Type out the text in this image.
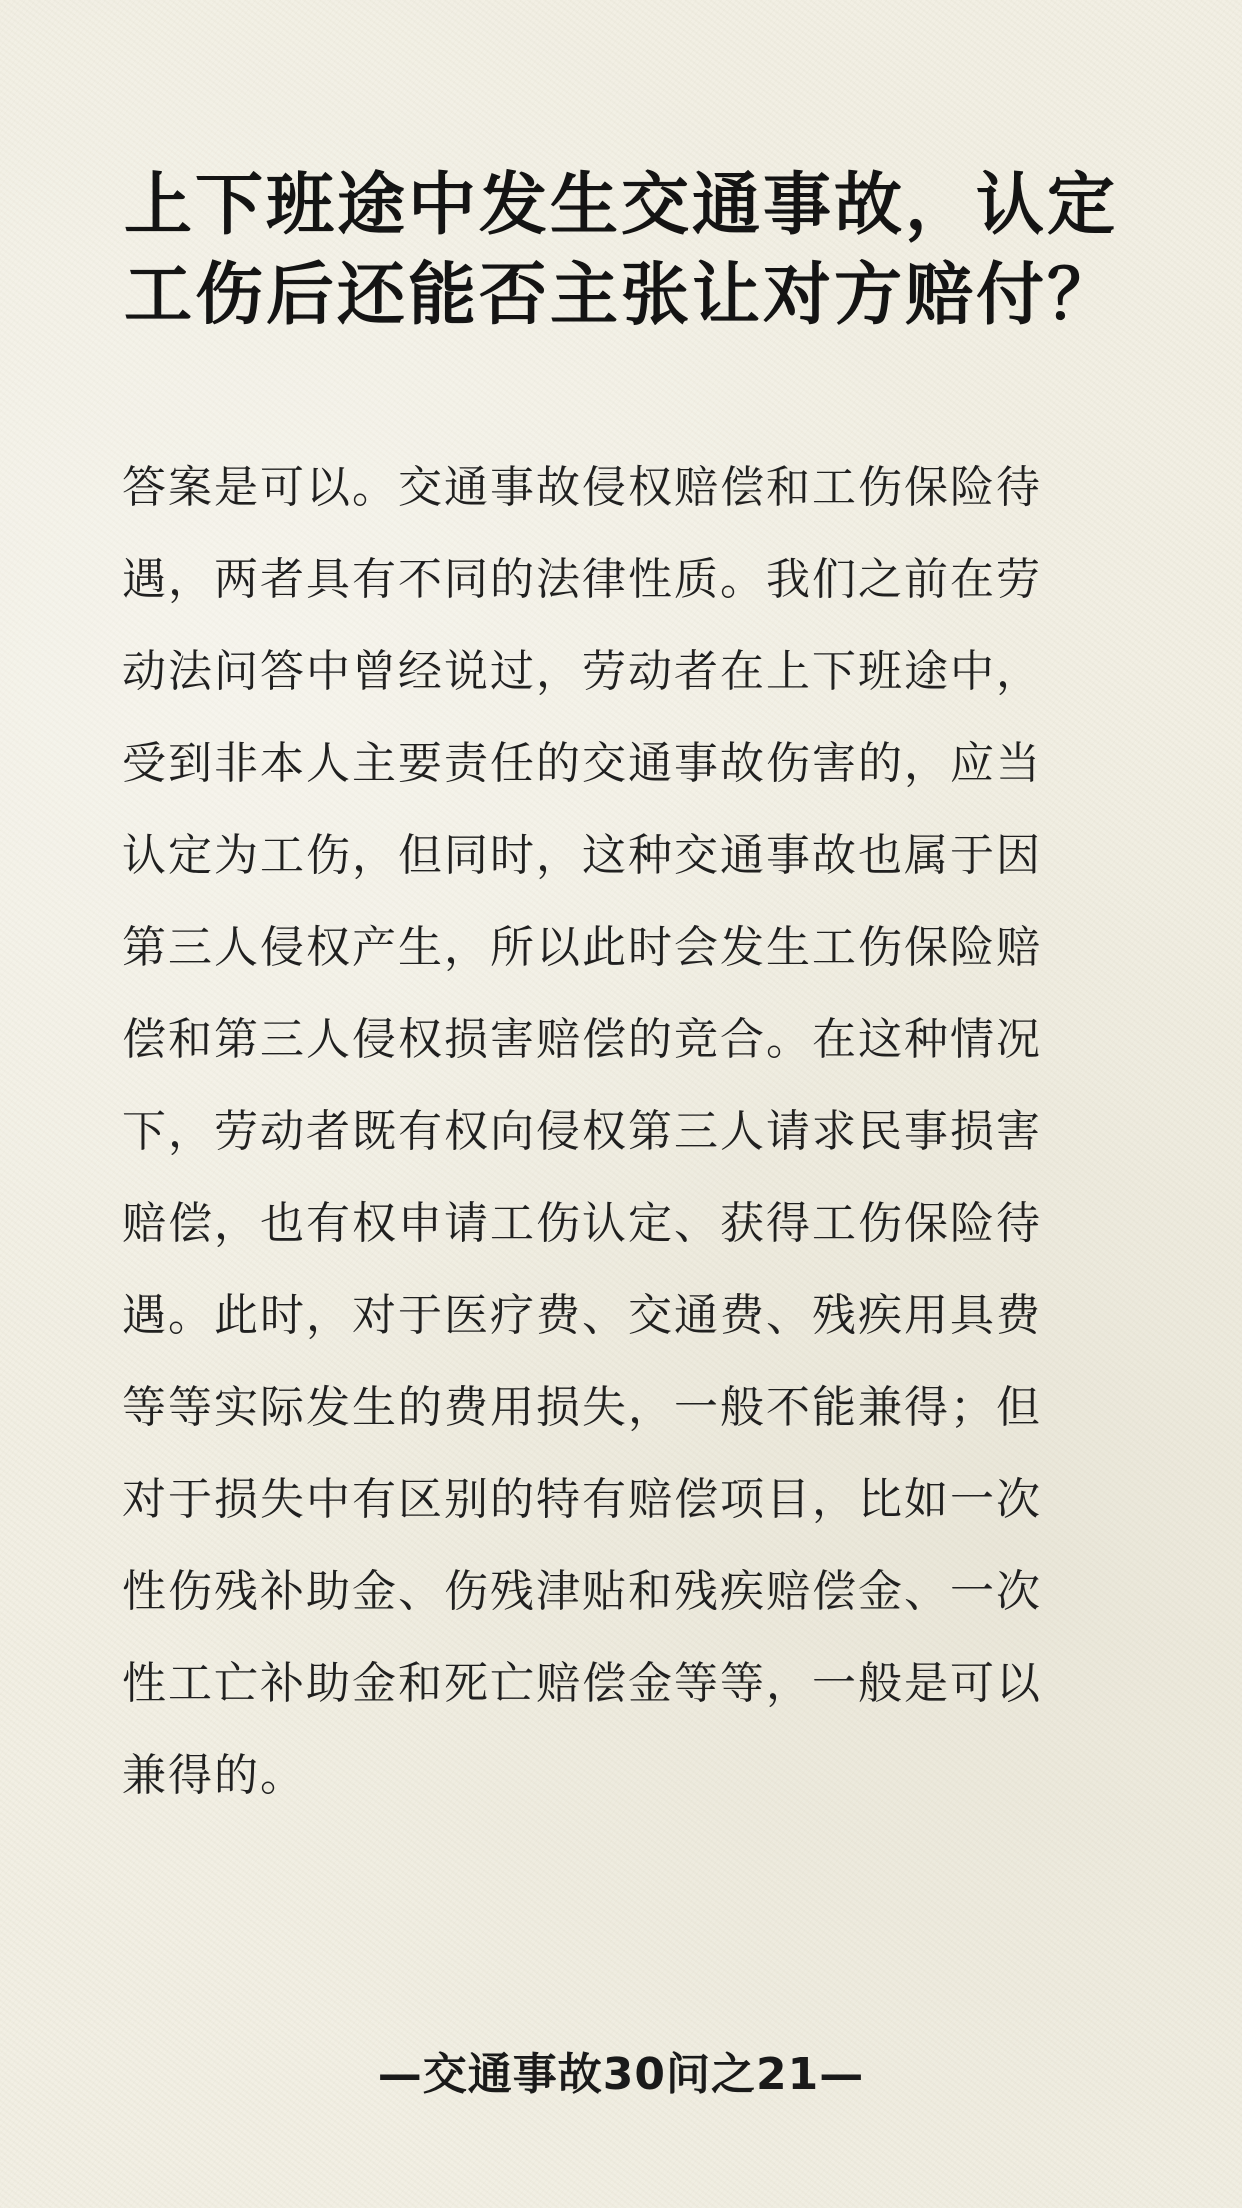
上下班途中发生交通事故，认定
工伤后还能否主张让对方赔付？
答案是可以。交通事故侵权赔偿和工伤保险待
遇，两者具有不同的法律性质。我们之前在劳
动法问答中曾经说过，劳动者在上下班途中，
受到非本人主要责任的交通事故伤害的，应当
认定为工伤，但同时，这种交通事故也属于因
第三人侵权产生，所以此时会发生工伤保险赔
偿和第三人侵权损害赔偿的竞合。在这种情况
下，劳动者既有权向侵权第三人请求民事损害
赔偿，也有权申请工伤认定、获得工伤保险待
遇。此时，对于医疗费、交通费、残疾用具费
等等实际发生的费用损失，一般不能兼得；但
对于损失中有区别的特有赔偿项目，比如一次
性伤残补助金、伤残津贴和残疾赔偿金、一次
性工亡补助金和死亡赔偿金等等，一般是可以
兼得的。
—交通事故30问之21—
